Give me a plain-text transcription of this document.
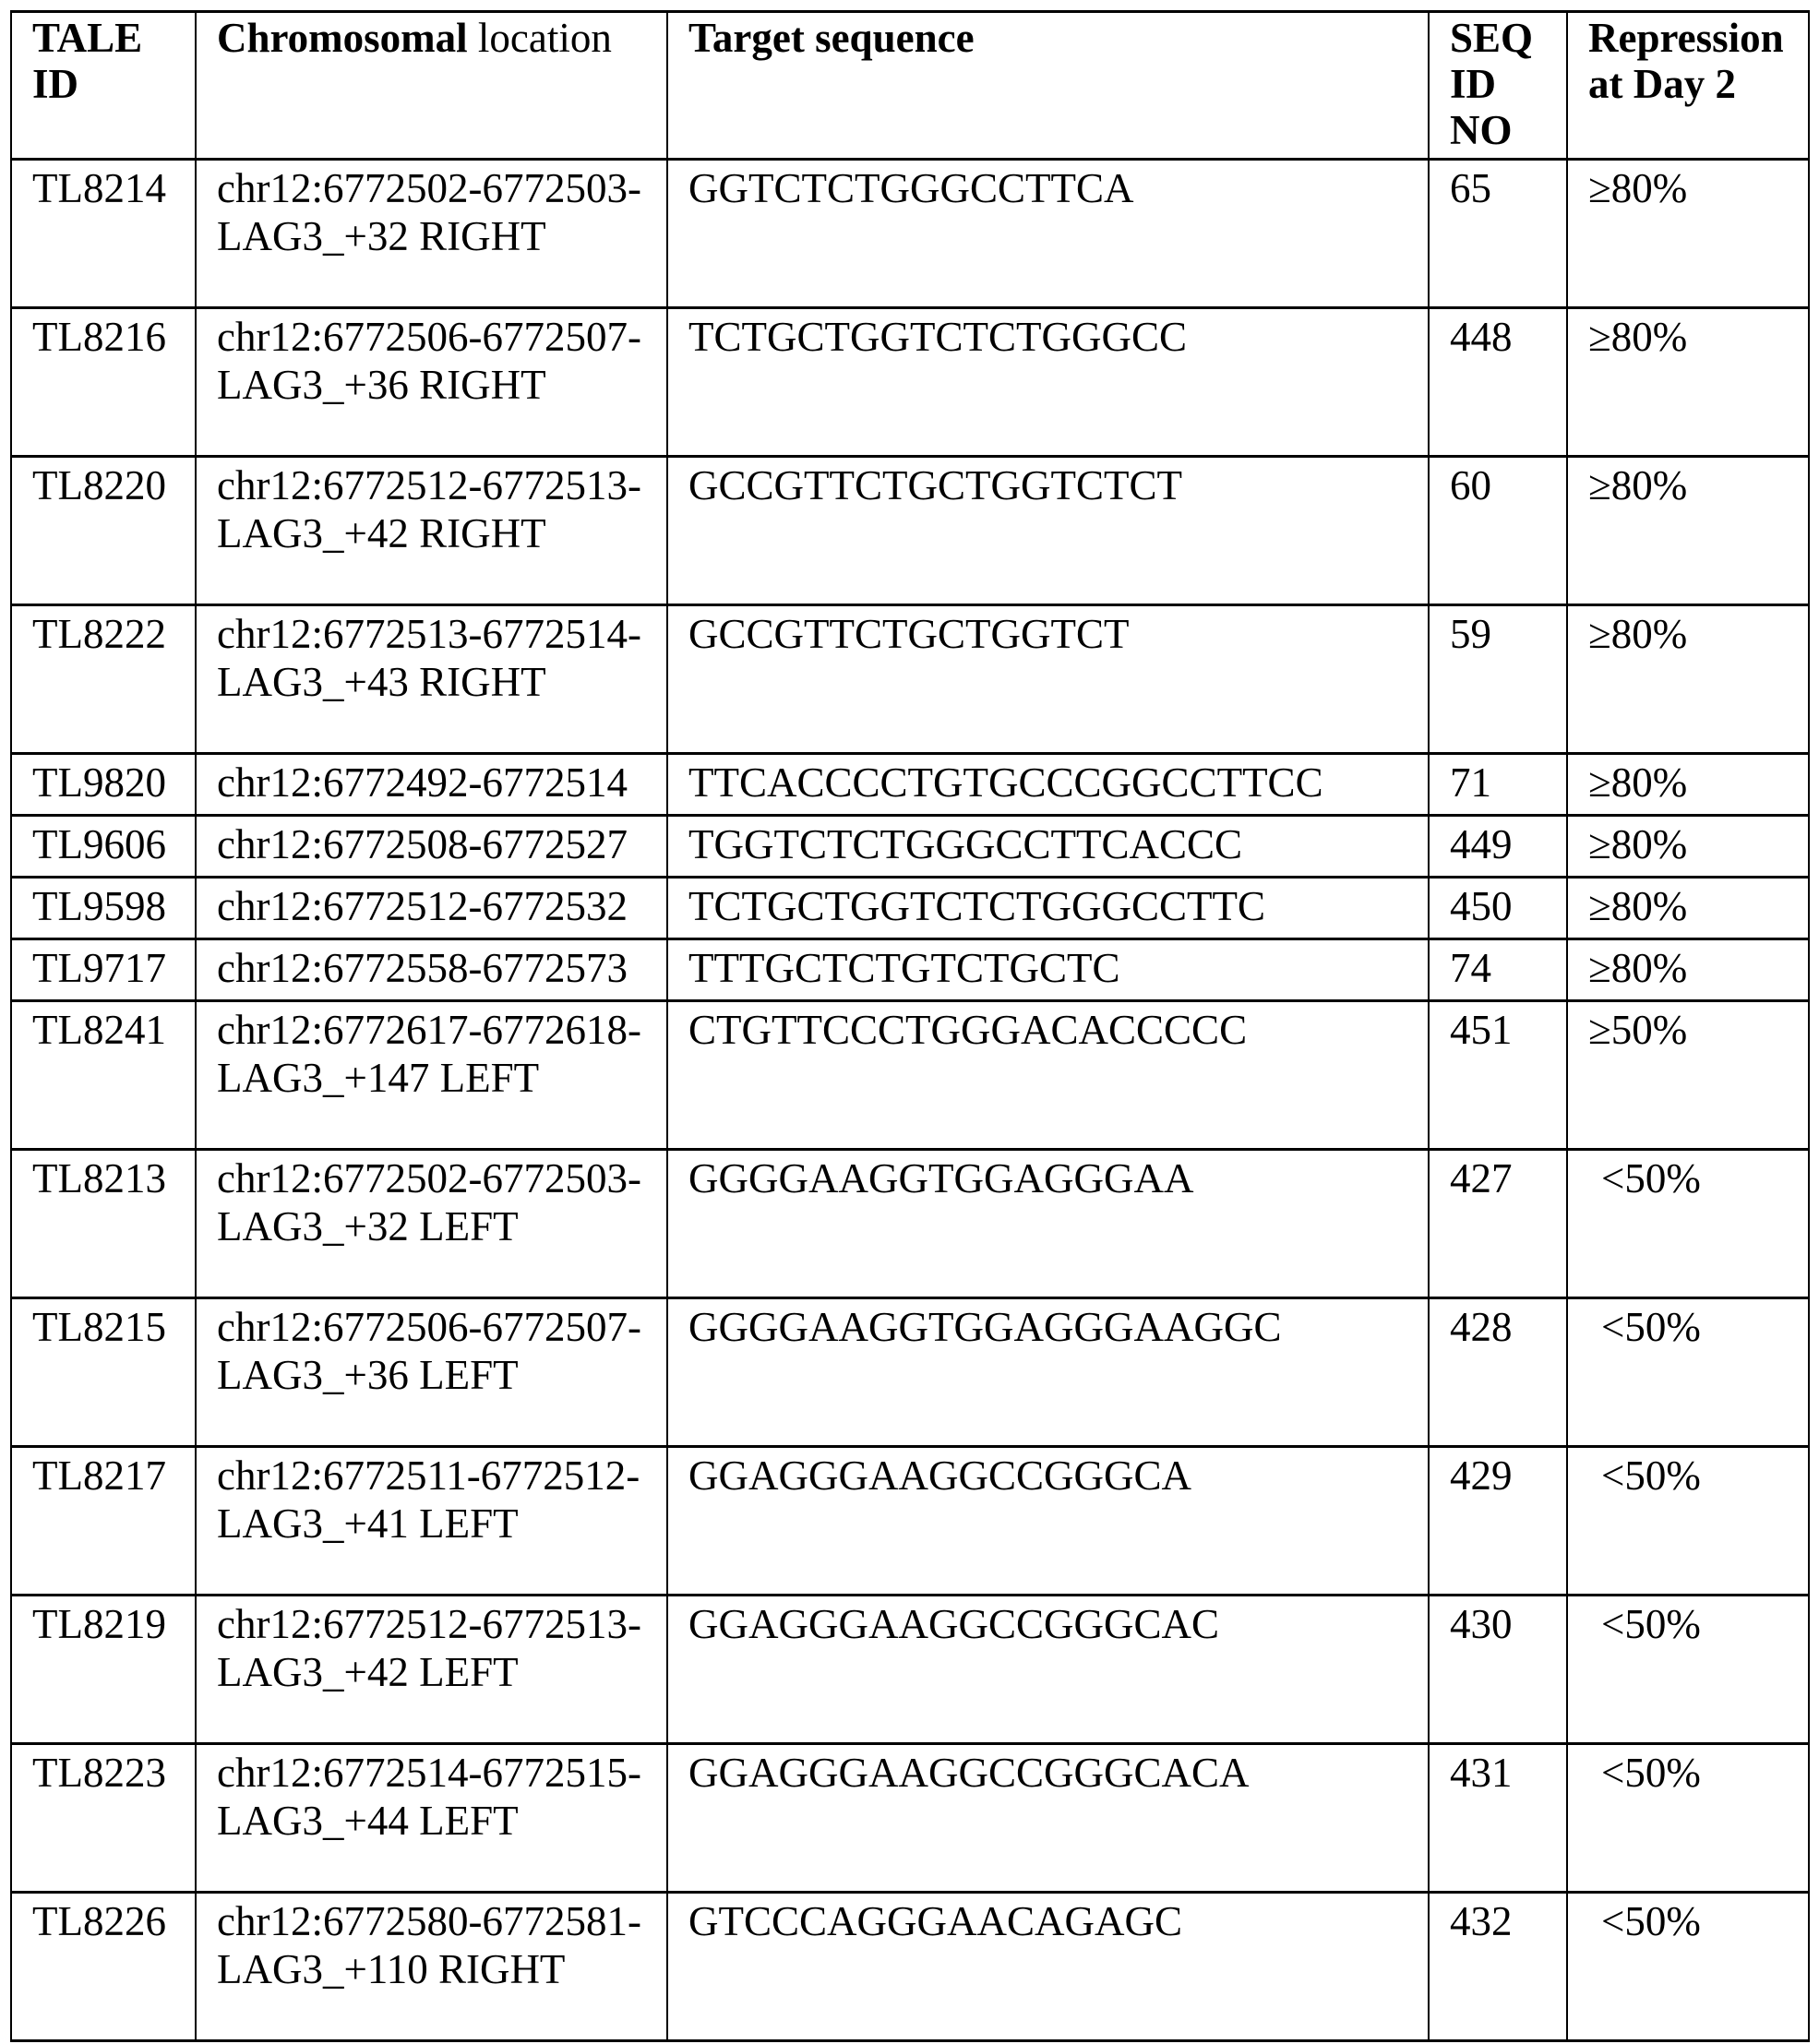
TALE ID	Chromosomal location	Target sequence	SEQ ID NO	Repression at Day 2
TL8214	chr12:6772502-6772503-LAG3_+32 RIGHT	GGTCTCTGGGCCTTCA	65	≥80%
TL8216	chr12:6772506-6772507-LAG3_+36 RIGHT	TCTGCTGGTCTCTGGGCC	448	≥80%
TL8220	chr12:6772512-6772513-LAG3_+42 RIGHT	GCCGTTCTGCTGGTCTCT	60	≥80%
TL8222	chr12:6772513-6772514-LAG3_+43 RIGHT	GCCGTTCTGCTGGTCT	59	≥80%
TL9820	chr12:6772492-6772514	TTCACCCCTGTGCCCGGCCTTCC	71	≥80%
TL9606	chr12:6772508-6772527	TGGTCTCTGGGCCTTCACCC	449	≥80%
TL9598	chr12:6772512-6772532	TCTGCTGGTCTCTGGGCCTTC	450	≥80%
TL9717	chr12:6772558-6772573	TTTGCTCTGTCTGCTC	74	≥80%
TL8241	chr12:6772617-6772618-LAG3_+147 LEFT	CTGTTCCCTGGGACACCCCC	451	≥50%
TL8213	chr12:6772502-6772503-LAG3_+32 LEFT	GGGGAAGGTGGAGGGAA	427	<50%
TL8215	chr12:6772506-6772507-LAG3_+36 LEFT	GGGGAAGGTGGAGGGAAGGC	428	<50%
TL8217	chr12:6772511-6772512-LAG3_+41 LEFT	GGAGGGAAGGCCGGGCA	429	<50%
TL8219	chr12:6772512-6772513-LAG3_+42 LEFT	GGAGGGAAGGCCGGGCAC	430	<50%
TL8223	chr12:6772514-6772515-LAG3_+44 LEFT	GGAGGGAAGGCCGGGCACA	431	<50%
TL8226	chr12:6772580-6772581-LAG3_+110 RIGHT	GTCCCAGGGAACAGAGC	432	<50%
